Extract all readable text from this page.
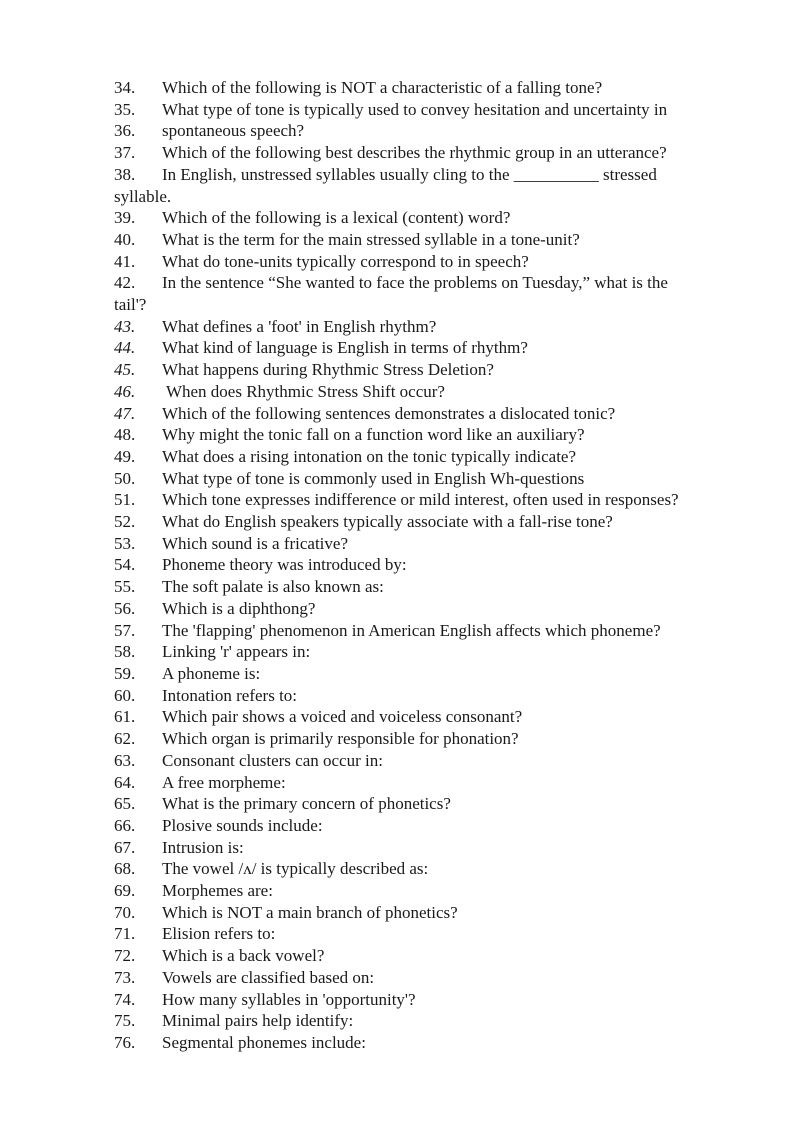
34. Which of the following is NOT a characteristic of a falling tone?
35. What type of tone is typically used to convey hesitation and uncertainty in
36. spontaneous speech?
37. Which of the following best describes the rhythmic group in an utterance?
38. In English, unstressed syllables usually cling to the __________ stressed
syllable.
39. Which of the following is a lexical (content) word?
40. What is the term for the main stressed syllable in a tone-unit?
41. What do tone-units typically correspond to in speech?
42. In the sentence “She wanted to face the problems on Tuesday,” what is the
tail'?
43. What defines a 'foot' in English rhythm?
44. What kind of language is English in terms of rhythm?
45. What happens during Rhythmic Stress Deletion?
46. When does Rhythmic Stress Shift occur?
47. Which of the following sentences demonstrates a dislocated tonic?
48. Why might the tonic fall on a function word like an auxiliary?
49. What does a rising intonation on the tonic typically indicate?
50. What type of tone is commonly used in English Wh-questions
51. Which tone expresses indifference or mild interest, often used in responses?
52. What do English speakers typically associate with a fall-rise tone?
53. Which sound is a fricative?
54. Phoneme theory was introduced by:
55. The soft palate is also known as:
56. Which is a diphthong?
57. The 'flapping' phenomenon in American English affects which phoneme?
58. Linking 'r' appears in:
59. A phoneme is:
60. Intonation refers to:
61. Which pair shows a voiced and voiceless consonant?
62. Which organ is primarily responsible for phonation?
63. Consonant clusters can occur in:
64. A free morpheme:
65. What is the primary concern of phonetics?
66. Plosive sounds include:
67. Intrusion is:
68. The vowel /ʌ/ is typically described as:
69. Morphemes are:
70. Which is NOT a main branch of phonetics?
71. Elision refers to:
72. Which is a back vowel?
73. Vowels are classified based on:
74. How many syllables in 'opportunity'?
75. Minimal pairs help identify:
76. Segmental phonemes include:
